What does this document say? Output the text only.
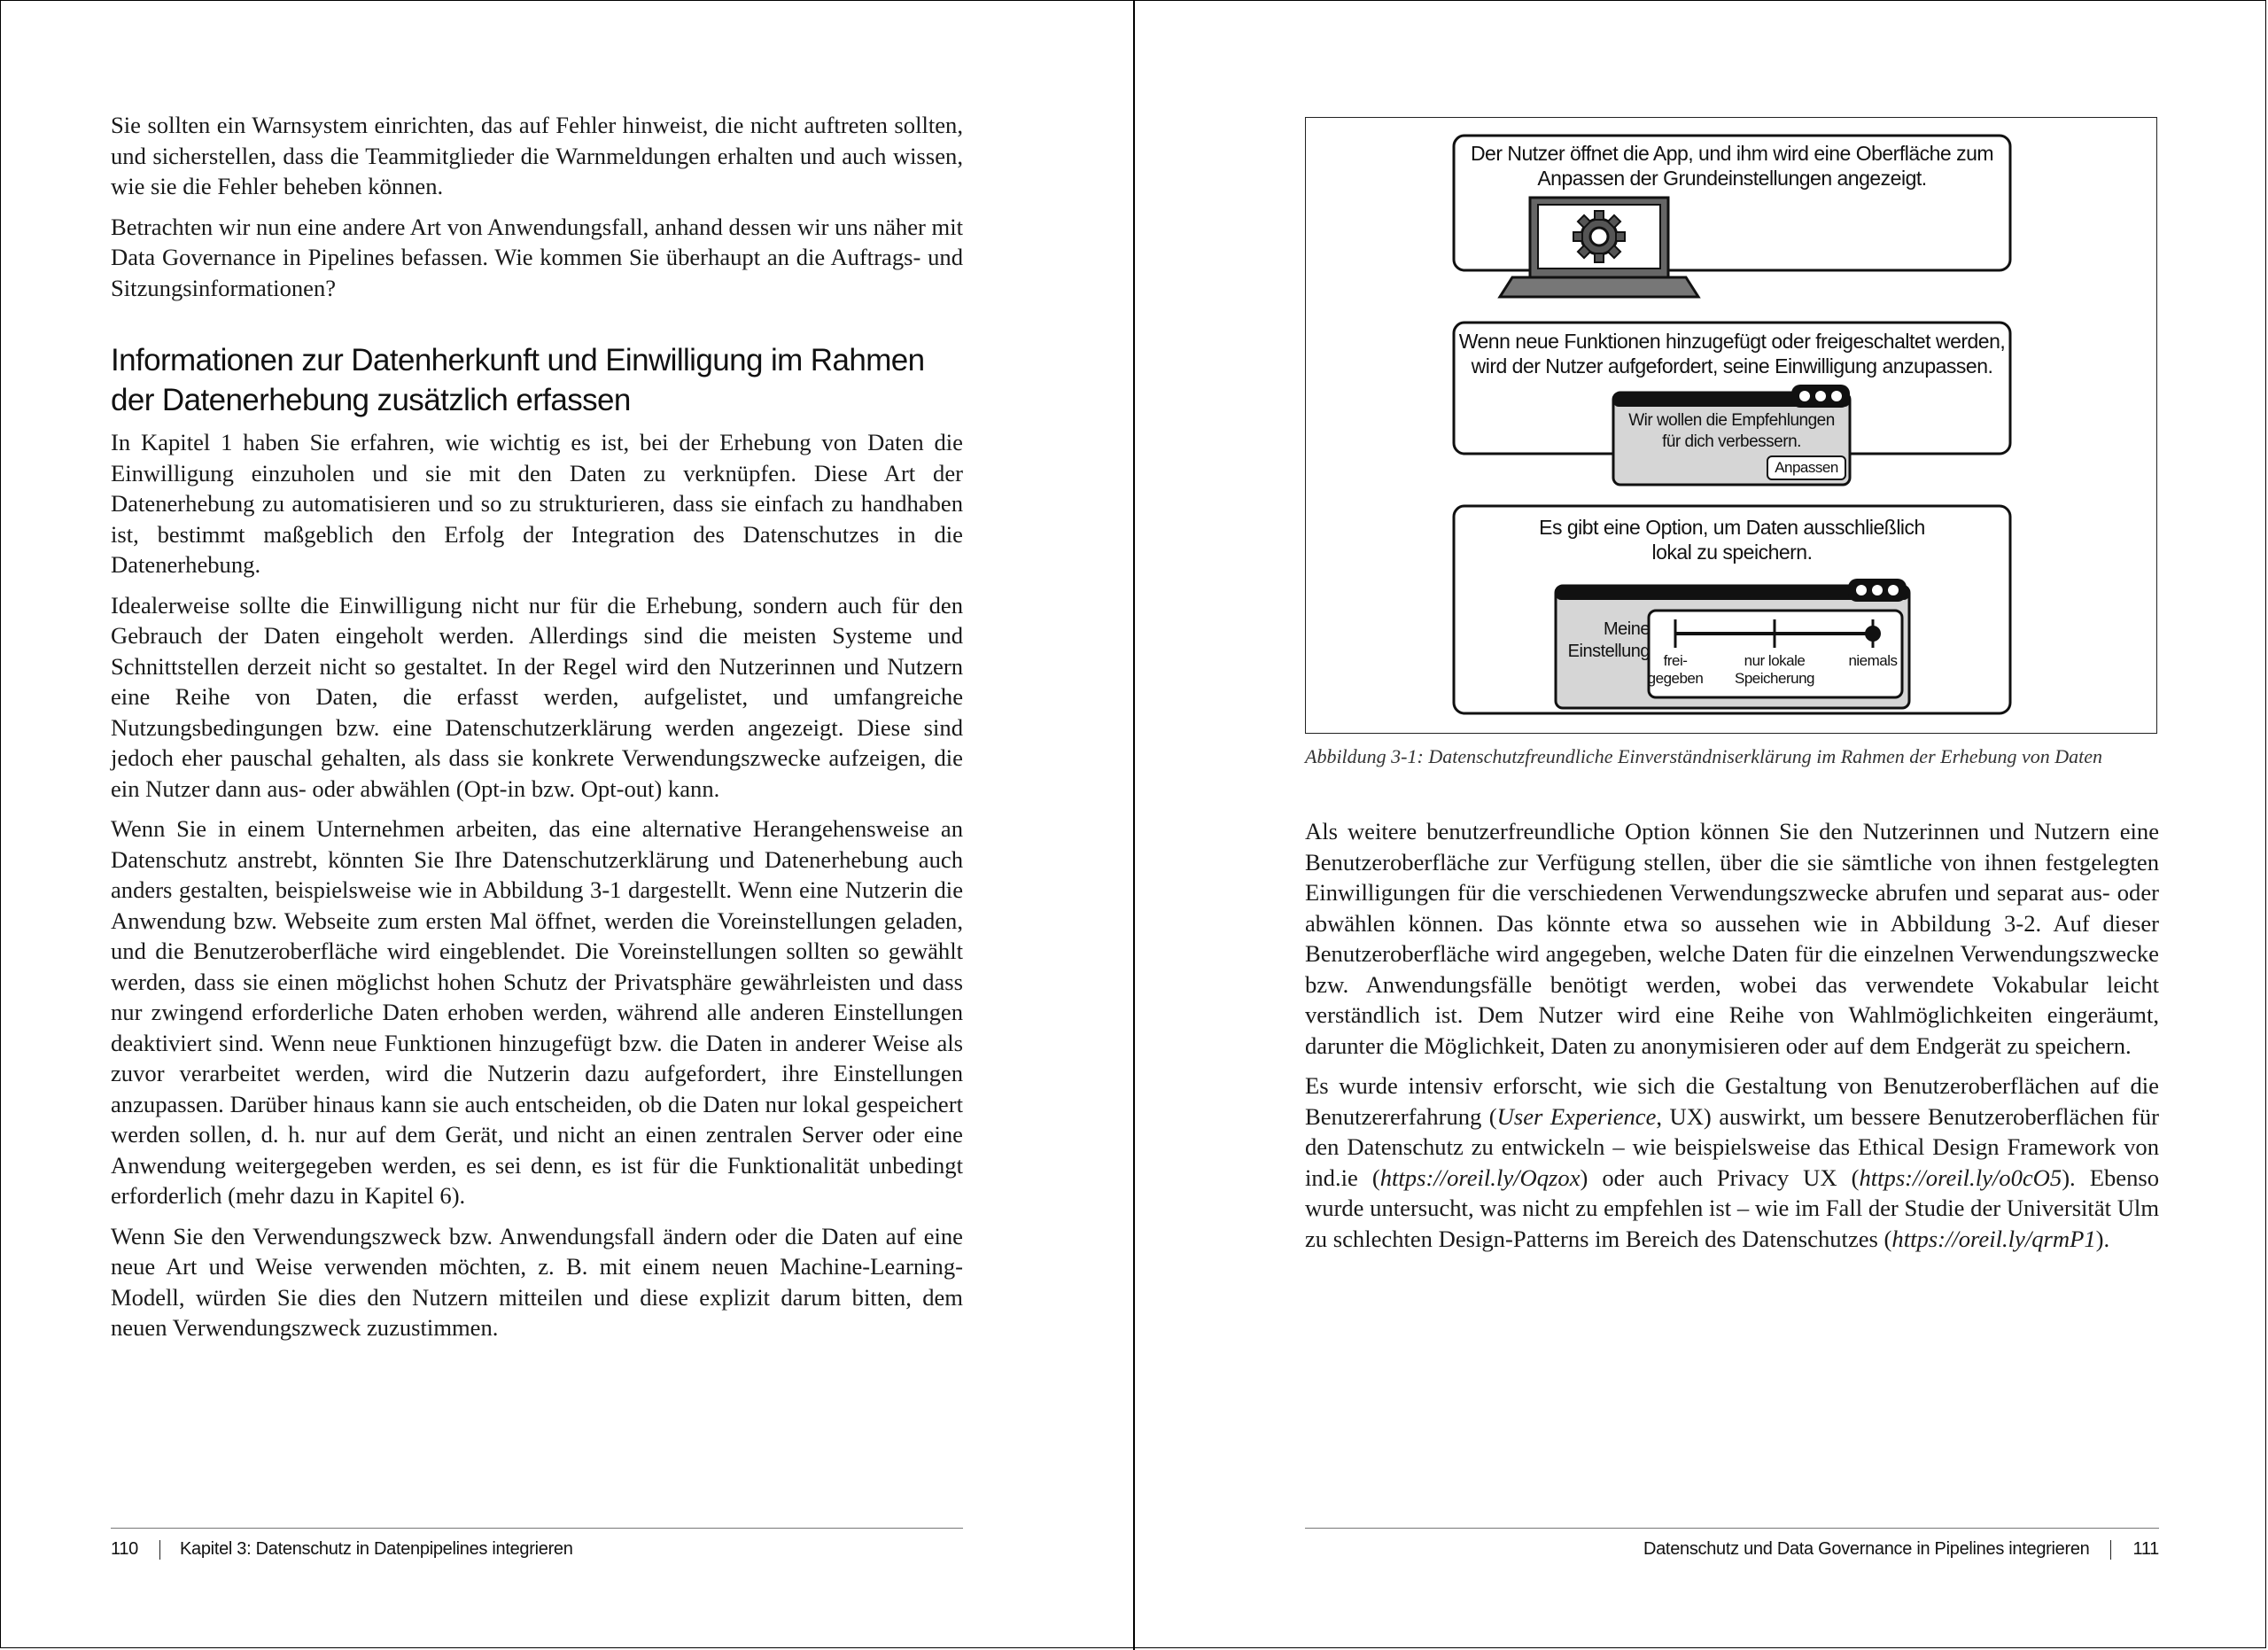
Sie sollten ein Warnsystem einrichten, das auf Fehler hinweist, die nicht auftreten sollten, und sicherstellen, dass die Teammitglieder die Warnmeldungen erhalten und auch wissen, wie sie die Fehler beheben können.

Betrachten wir nun eine andere Art von Anwendungsfall, anhand dessen wir uns näher mit Data Governance in Pipelines befassen. Wie kommen Sie überhaupt an die Auftrags- und Sitzungsinformationen?

Informationen zur Datenherkunft und Einwilligung im Rahmen der Datenerhebung zusätzlich erfassen

In Kapitel 1 haben Sie erfahren, wie wichtig es ist, bei der Erhebung von Daten die Einwilligung einzuholen und sie mit den Daten zu verknüpfen. Diese Art der Datenerhebung zu automatisieren und so zu strukturieren, dass sie einfach zu handhaben ist, bestimmt maßgeblich den Erfolg der Integration des Datenschutzes in die Datenerhebung.

Idealerweise sollte die Einwilligung nicht nur für die Erhebung, sondern auch für den Gebrauch der Daten eingeholt werden. Allerdings sind die meisten Systeme und Schnittstellen derzeit nicht so gestaltet. In der Regel wird den Nutzerinnen und Nutzern eine Reihe von Daten, die erfasst werden, aufgelistet, und umfangreiche Nutzungsbedingungen bzw. eine Datenschutzerklärung werden angezeigt. Diese sind jedoch eher pauschal gehalten, als dass sie konkrete Verwendungszwecke aufzeigen, die ein Nutzer dann aus- oder abwählen (Opt-in bzw. Opt-out) kann.

Wenn Sie in einem Unternehmen arbeiten, das eine alternative Herangehensweise an Datenschutz anstrebt, könnten Sie Ihre Datenschutzerklärung und Datenerhebung auch anders gestalten, beispielsweise wie in Abbildung 3-1 dargestellt. Wenn eine Nutzerin die Anwendung bzw. Webseite zum ersten Mal öffnet, werden die Voreinstellungen geladen, und die Benutzeroberfläche wird eingeblendet. Die Voreinstellungen sollten so gewählt werden, dass sie einen möglichst hohen Schutz der Privatsphäre gewährleisten und dass nur zwingend erforderliche Daten erhoben werden, während alle anderen Einstellungen deaktiviert sind. Wenn neue Funktionen hinzugefügt bzw. die Daten in anderer Weise als zuvor verarbeitet werden, wird die Nutzerin dazu aufgefordert, ihre Einstellungen anzupassen. Darüber hinaus kann sie auch entscheiden, ob die Daten nur lokal gespeichert werden sollen, d. h. nur auf dem Gerät, und nicht an einen zentralen Server oder eine Anwendung weitergegeben werden, es sei denn, es ist für die Funktionalität unbedingt erforderlich (mehr dazu in Kapitel 6).

Wenn Sie den Verwendungszweck bzw. Anwendungsfall ändern oder die Daten auf eine neue Art und Weise verwenden möchten, z. B. mit einem neuen Machine-Learning-Modell, würden Sie dies den Nutzern mitteilen und diese explizit darum bitten, dem neuen Verwendungszweck zuzustimmen.

110 Kapitel 3: Datenschutz in Datenpipelines integrieren
Der Nutzer öffnet die App, und ihm wird eine Oberfläche zum
Anpassen der Grundeinstellungen angezeigt.
Wenn neue Funktionen hinzugefügt oder freigeschaltet werden,
wird der Nutzer aufgefordert, seine Einwilligung anzupassen.
Wir wollen die Empfehlungen
für dich verbessern.
Anpassen
Es gibt eine Option, um Daten ausschließlich
lokal zu speichern.
Meine
Einstellung frei-
gegeben
nur lokale
Speicherung
niemals
Abbildung 3-1: Datenschutzfreundliche Einverständniserklärung im Rahmen der Erhebung von Daten

Als weitere benutzerfreundliche Option können Sie den Nutzerinnen und Nutzern eine Benutzeroberfläche zur Verfügung stellen, über die sie sämtliche von ihnen festgelegten Einwilligungen für die verschiedenen Verwendungszwecke abrufen und separat aus- oder abwählen können. Das könnte etwa so aussehen wie in Abbildung 3-2. Auf dieser Benutzeroberfläche wird angegeben, welche Daten für die einzelnen Verwendungszwecke bzw. Anwendungsfälle benötigt werden, wobei das verwendete Vokabular leicht verständlich ist. Dem Nutzer wird eine Reihe von Wahlmöglichkeiten eingeräumt, darunter die Möglichkeit, Daten zu anonymisieren oder auf dem Endgerät zu speichern.

Es wurde intensiv erforscht, wie sich die Gestaltung von Benutzeroberflächen auf die Benutzererfahrung (User Experience, UX) auswirkt, um bessere Benutzeroberflächen für den Datenschutz zu entwickeln – wie beispielsweise das Ethical Design Framework von ind.ie (https://oreil.ly/Oqzox) oder auch Privacy UX (https://oreil.ly/o0cO5). Ebenso wurde untersucht, was nicht zu empfehlen ist – wie im Fall der Studie der Universität Ulm zu schlechten Design-Patterns im Bereich des Datenschutzes (https://oreil.ly/qrmP1).

Datenschutz und Data Governance in Pipelines integrieren 111
